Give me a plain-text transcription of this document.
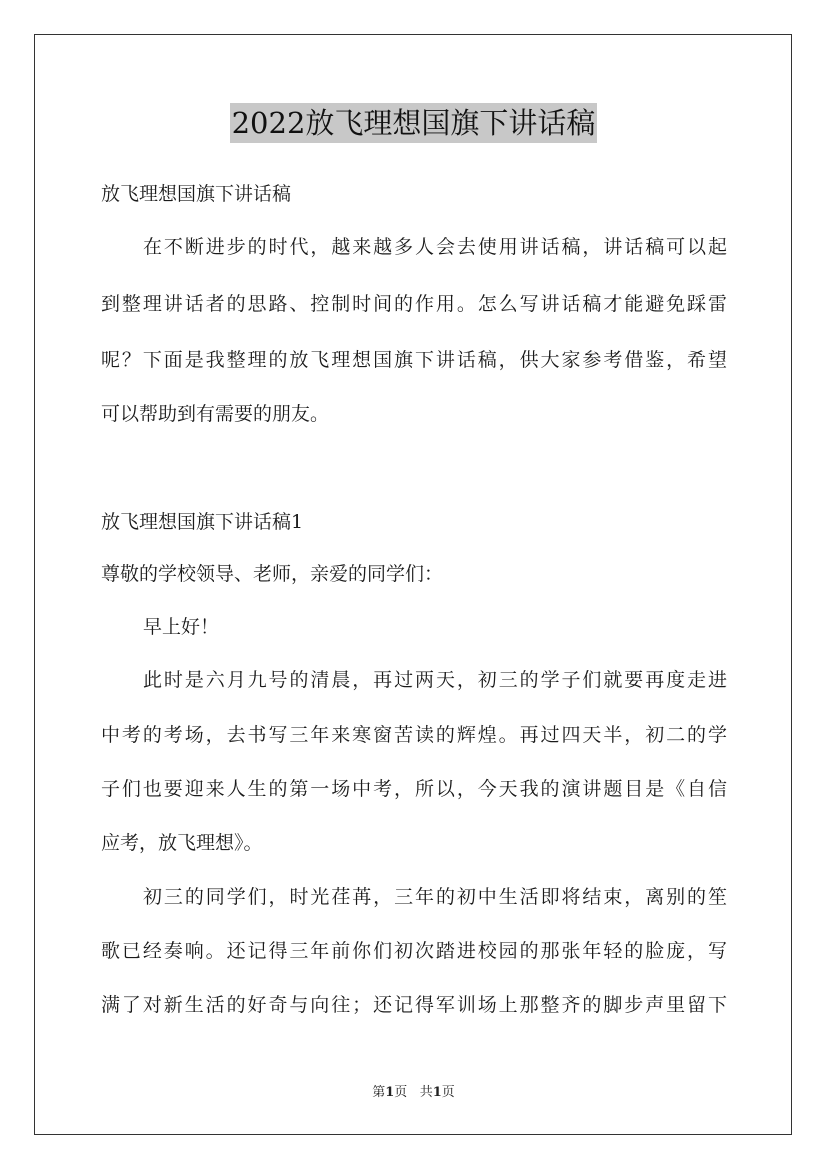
2022放飞理想国旗下讲话稿
放飞理想国旗下讲话稿
在不断进步的时代，越来越多人会去使用讲话稿，讲话稿可以起
到整理讲话者的思路、控制时间的作用。怎么写讲话稿才能避免踩雷
呢？下面是我整理的放飞理想国旗下讲话稿，供大家参考借鉴，希望
可以帮助到有需要的朋友。
放飞理想国旗下讲话稿1
尊敬的学校领导、老师，亲爱的同学们：
早上好！
此时是六月九号的清晨，再过两天，初三的学子们就要再度走进
中考的考场，去书写三年来寒窗苦读的辉煌。再过四天半，初二的学
子们也要迎来人生的第一场中考，所以，今天我的演讲题目是《自信
应考，放飞理想》。
初三的同学们，时光荏苒，三年的初中生活即将结束，离别的笙
歌已经奏响。还记得三年前你们初次踏进校园的那张年轻的脸庞，写
满了对新生活的好奇与向往；还记得军训场上那整齐的脚步声里留下
第1页 共1页
